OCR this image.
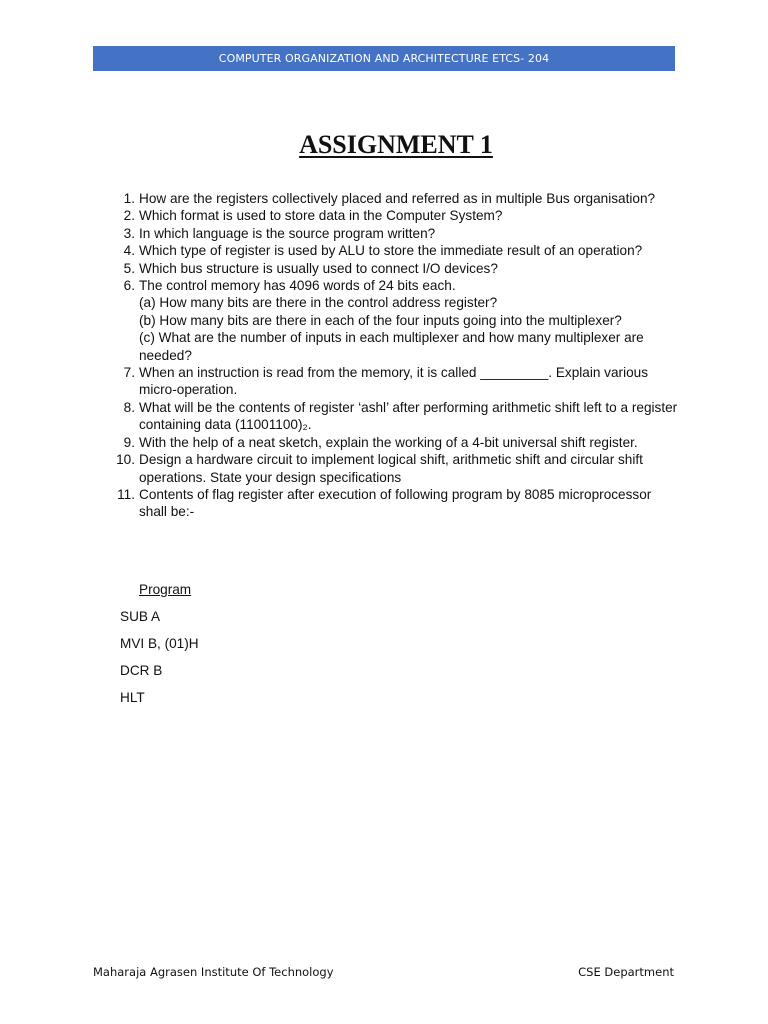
COMPUTER ORGANIZATION AND ARCHITECTURE ETCS- 204
ASSIGNMENT 1
1. How are the registers collectively placed and referred as in multiple Bus organisation?
2. Which format is used to store data in the Computer System?
3. In which language is the source program written?
4. Which type of register is used by ALU to store the immediate result of an operation?
5. Which bus structure is usually used to connect I/O devices?
6. The control memory has 4096 words of 24 bits each.
(a) How many bits are there in the control address register?
(b) How many bits are there in each of the four inputs going into the multiplexer?
(c) What are the number of inputs in each multiplexer and how many multiplexer are needed?
7. When an instruction is read from the memory, it is called _________. Explain various micro-operation.
8. What will be the contents of register ‘ashl’ after performing arithmetic shift left to a register containing data (11001100)₂.
9. With the help of a neat sketch, explain the working of a 4-bit universal shift register.
10. Design a hardware circuit to implement logical shift, arithmetic shift and circular shift operations. State your design specifications
11. Contents of flag register after execution of following program by 8085 microprocessor shall be:-
Program
SUB A
MVI B, (01)H
DCR B
HLT
Maharaja Agrasen Institute Of Technology	CSE Department
